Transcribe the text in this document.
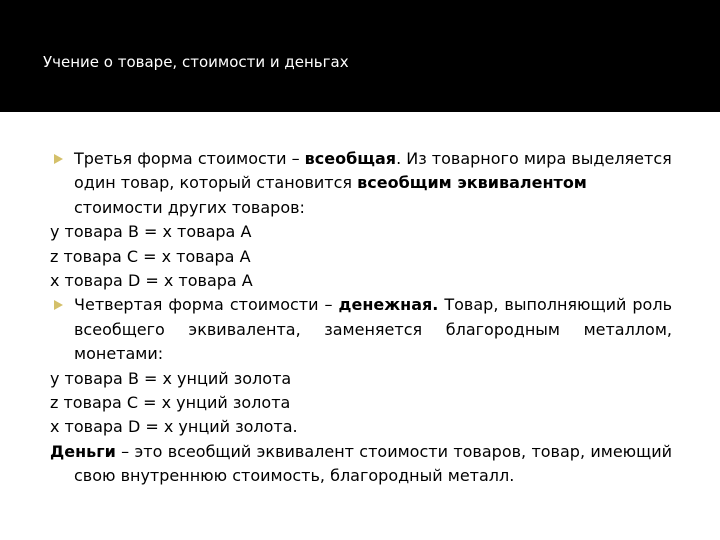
Учение о товаре, стоимости и деньгах

Третья форма стоимости – всеобщая. Из товарного мира выделяется один товар, который становится всеобщим эквивалентом стоимости других товаров:

у товара В = х товара А

z товара С = х товара А

х товара D = х товара А

Четвертая форма стоимости – денежная. Товар, выполняющий роль всеобщего эквивалента, заменяется благородным металлом, монетами:

у товара В = х унций золота

z товара С = х унций золота

х товара D = х унций золота.

Деньги – это всеобщий эквивалент стоимости товаров, товар, имеющий свою внутреннюю стоимость, благородный металл.
